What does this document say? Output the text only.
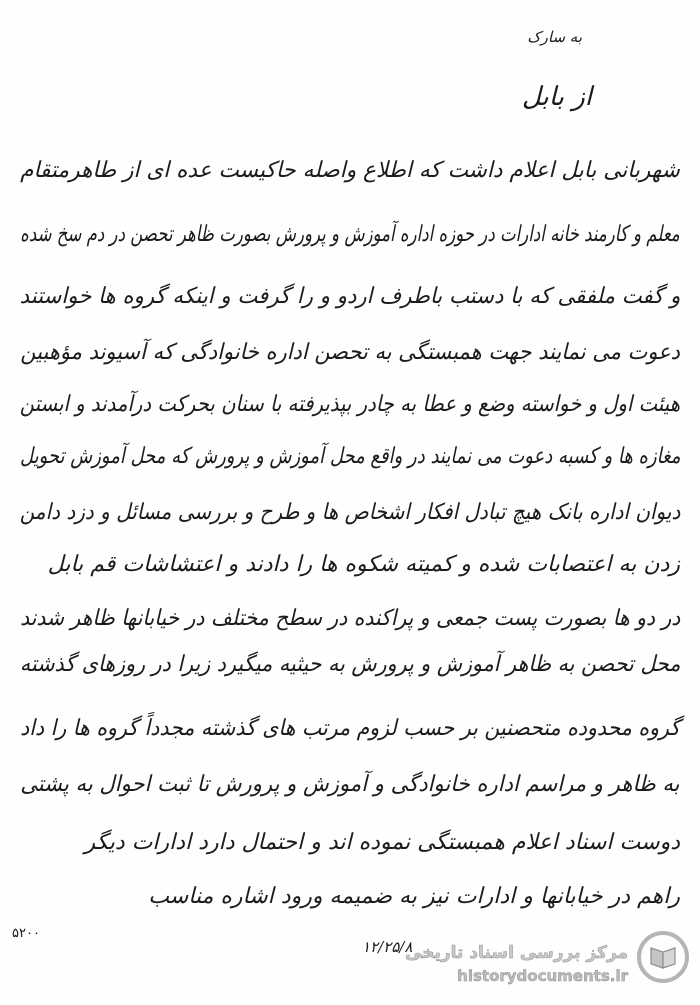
به سارک
از بابل
شهربانی بابل اعلام داشت که اطلاع واصله حاکیست عده ای از طاهرمتقام
معلم و کارمند خانه ادارات در حوزه اداره آموزش و پرورش بصورت ظاهر تحصن در دم سخ شده
و گفت ملفقی که با دستب باطرف اردو و را گرفت و اینکه گروه ها خواستند
دعوت می نمایند جهت همبستگی به تحصن اداره خانوادگی که آسیوند مؤهبین
هیئت اول و خواسته وضع و عطا به چادر بپذیرفته با سنان بحرکت درآمدند و ابستن
مغازه ها و کسبه دعوت می نمایند در واقع محل آموزش و پرورش که محل آموزش تحویل
دیوان اداره بانک هیچ تبادل افکار اشخاص ها و طرح و بررسی مسائل و دزد دامن
زدن به اعتصابات شده و کمیته شکوه ها را دادند و اعتشاشات قم بابل
در دو ها بصورت پست جمعی و پراکنده در سطح مختلف در خیابانها ظاهر شدند
محل تحصن به ظاهر آموزش و پرورش به حیثیه میگیرد زیرا در روزهای گذشته
گروه محدوده متحصنین بر حسب لزوم مرتب های گذشته مجدداً گروه ها را داد
به ظاهر و مراسم اداره خانوادگی و آموزش و پرورش تا ثبت احوال به پشتی
دوست اسناد اعلام همبستگی نموده اند و احتمال دارد ادارات دیگر
راهم در خیابانها و ادارات نیز به ضمیمه ورود اشاره مناسب
۵۲۰۰
۱۲/۲۵/۸
مرکز بررسی اسناد تاریخی
historydocuments.ir
